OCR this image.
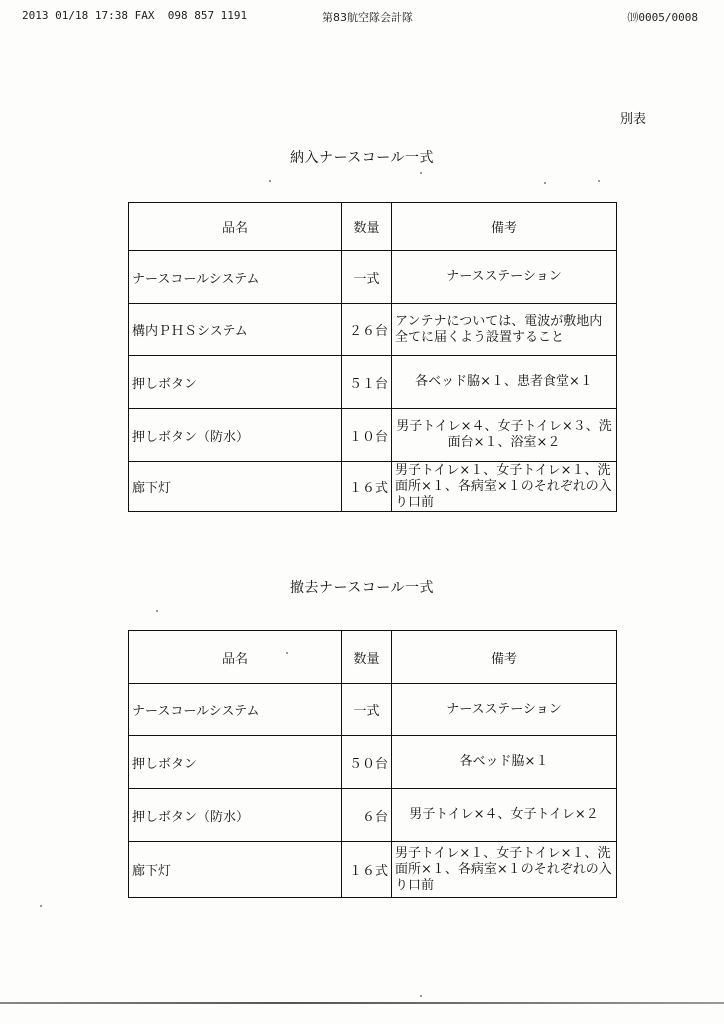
2013 01/18 17:38 FAX 098 857 1191	第83航空隊会計隊	⒆0005/0008
別表
納入ナースコール一式
品名	数量	備考
ナースコールシステム	一式	ナースステーション
構内ＰＨＳシステム	２６台	アンテナについては、電波が敷地内全てに届くよう設置すること
押しボタン	５１台	各ベッド脇×１、患者食堂×１
押しボタン（防水）	１０台	男子トイレ×４、女子トイレ×３、洗面台×１、浴室×２
廊下灯	１６式	男子トイレ×１、女子トイレ×１、洗面所×１、各病室×１のそれぞれの入り口前
撤去ナースコール一式
品名	数量	備考
ナースコールシステム	一式	ナースステーション
押しボタン	５０台	各ベッド脇×１
押しボタン（防水）	６台	男子トイレ×４、女子トイレ×２
廊下灯	１６式	男子トイレ×１、女子トイレ×１、洗面所×１、各病室×１のそれぞれの入り口前
